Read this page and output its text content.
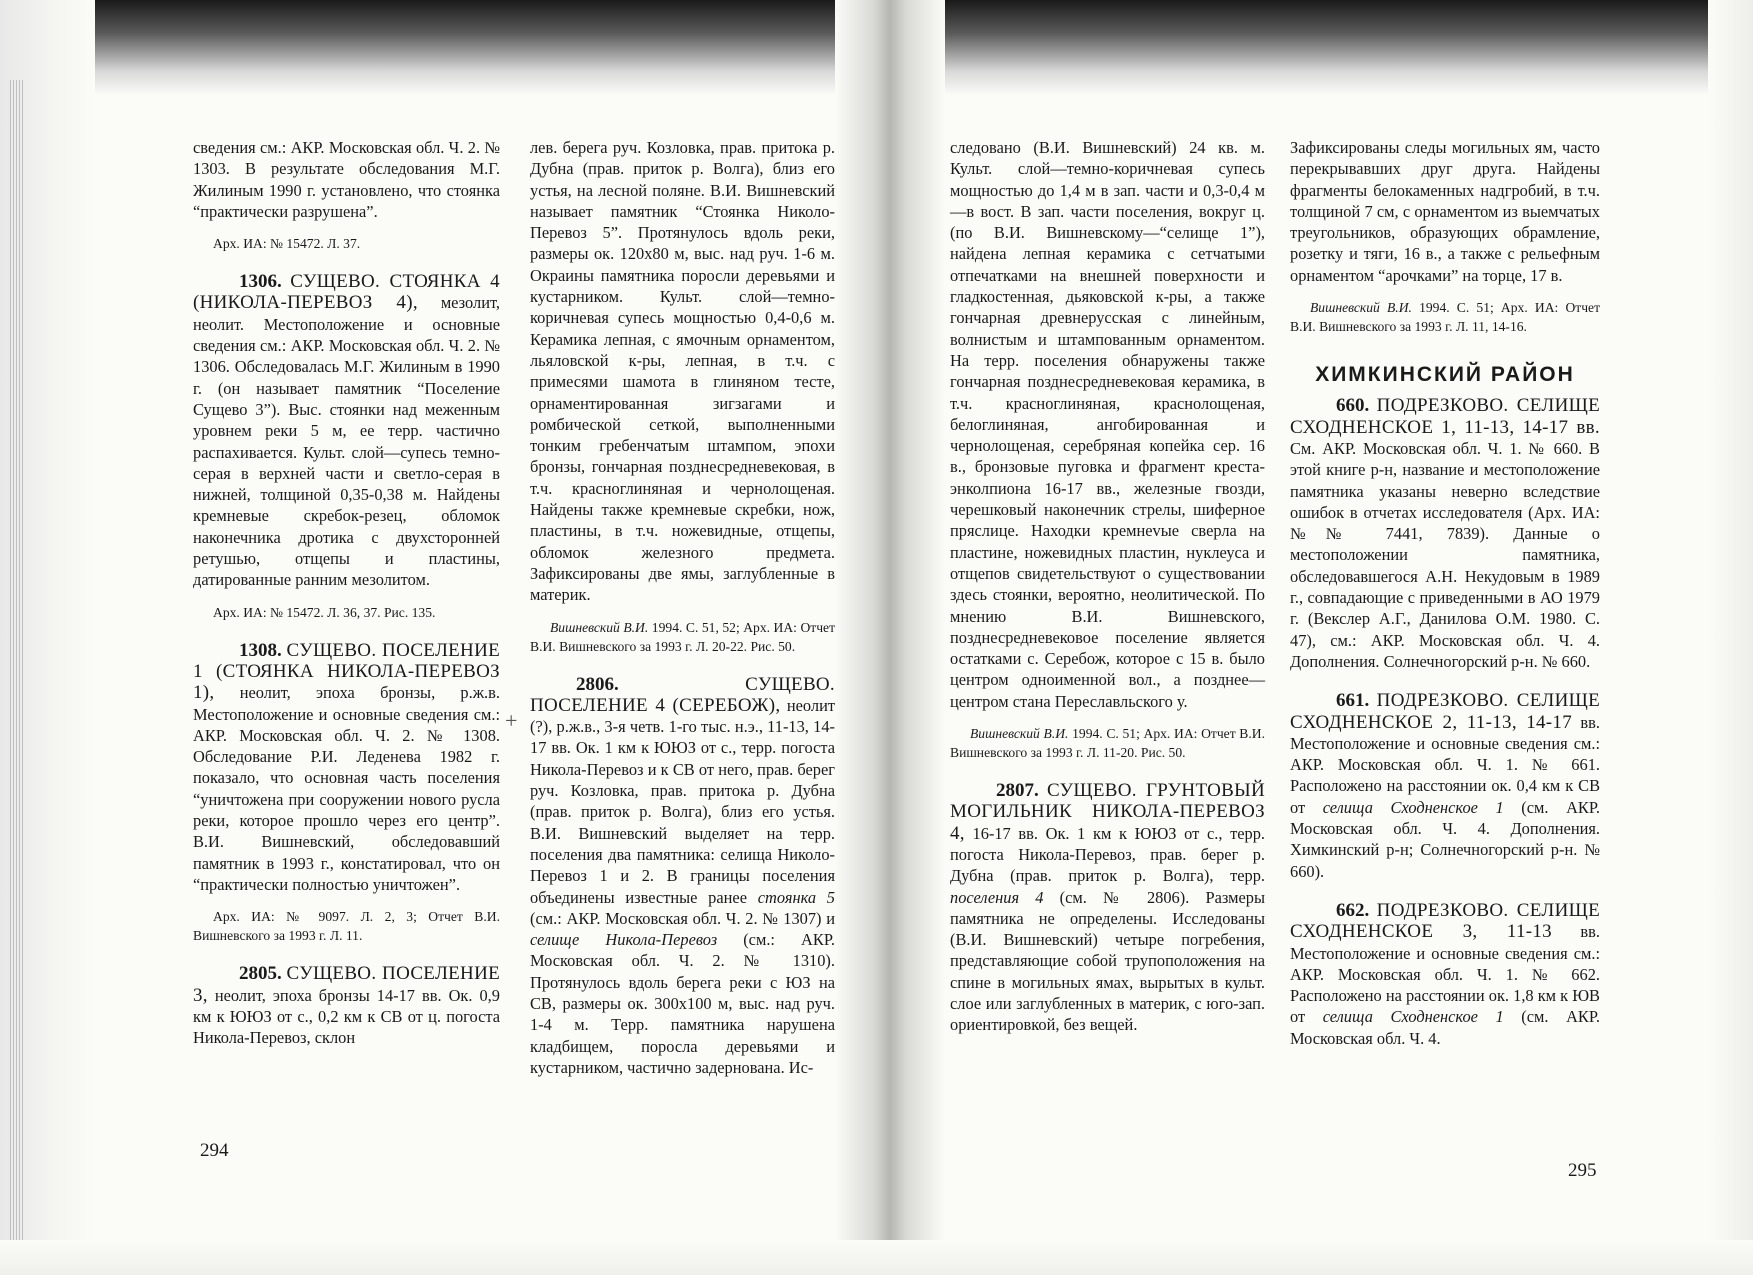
+

сведения см.: АКР. Московская обл. Ч. 2. № 1303. В результате обследования М.Г. Жилиным 1990 г. установлено, что стоянка “практически разрушена”.

Арх. ИА: № 15472. Л. 37.

1306. СУЩЕВО. СТОЯНКА 4 (НИКОЛА-ПЕРЕВОЗ 4), мезолит, неолит. Местоположение и основные сведения см.: АКР. Московская обл. Ч. 2. № 1306. Обследовалась М.Г. Жилиным в 1990 г. (он называет памятник “Поселение Сущево 3”). Выс. стоянки над меженным уровнем реки 5 м, ее терр. частично распахивается. Культ. слой—супесь темно-серая в верхней части и светло-серая в нижней, толщиной 0,35-0,38 м. Найдены кремневые скребок-резец, обломок наконечника дротика с двухсторонней ретушью, отщепы и пластины, датированные ранним мезолитом.

Арх. ИА: № 15472. Л. 36, 37. Рис. 135.

1308. СУЩЕВО. ПОСЕЛЕНИЕ 1 (СТОЯНКА НИКОЛА-ПЕРЕВОЗ 1), неолит, эпоха бронзы, р.ж.в. Местоположение и основные сведения см.: АКР. Московская обл. Ч. 2. № 1308. Обследование Р.И. Леденева 1982 г. показало, что основная часть поселения “уничтожена при сооружении нового русла реки, которое прошло через его центр”. В.И. Вишневский, обследовавший памятник в 1993 г., констатировал, что он “практически полностью уничтожен”.

Арх. ИА: № 9097. Л. 2, 3; Отчет В.И. Вишневского за 1993 г. Л. 11.

2805. СУЩЕВО. ПОСЕЛЕНИЕ 3, неолит, эпоха бронзы 14-17 вв. Ок. 0,9 км к ЮЮЗ от с., 0,2 км к СВ от ц. погоста Никола-Перевоз, склон

лев. берега руч. Козловка, прав. притока р. Дубна (прав. приток р. Волга), близ его устья, на лесной поляне. В.И. Вишневский называет памятник “Стоянка Николо-Перевоз 5”. Протянулось вдоль реки, размеры ок. 120х80 м, выс. над руч. 1-6 м. Окраины памятника поросли деревьями и кустарником. Культ. слой—темно-коричневая супесь мощностью 0,4-0,6 м. Керамика лепная, с ямочным орнаментом, льяловской к-ры, лепная, в т.ч. с примесями шамота в глиняном тесте, орнаментированная зигзагами и ромбической сеткой, выполненными тонким гребенчатым штампом, эпохи бронзы, гончарная позднесредневековая, в т.ч. красноглиняная и чернолощеная. Найдены также кремневые скребки, нож, пластины, в т.ч. ножевидные, отщепы, обломок железного предмета. Зафиксированы две ямы, заглубленные в материк.

Вишневский В.И. 1994. С. 51, 52; Арх. ИА: Отчет В.И. Вишневского за 1993 г. Л. 20-22. Рис. 50.

2806.	СУЩЕВО. ПОСЕЛЕНИЕ 4 (СЕРЕБОЖ), неолит (?), р.ж.в., 3-я четв. 1-го тыс. н.э., 11-13, 14-17 вв. Ок. 1 км к ЮЮЗ от с., терр. погоста Никола-Перевоз и к СВ от него, прав. берег руч. Козловка, прав. притока р. Дубна (прав. приток р. Волга), близ его устья. В.И. Вишневский выделяет на терр. поселения два памятника: селища Николо-Перевоз 1 и 2. В границы поселения объединены известные ранее стоянка 5 (см.: АКР. Московская обл. Ч. 2. № 1307) и селище Никола-Перевоз (см.: АКР. Московская обл. Ч. 2. № 1310). Протянулось вдоль берега реки с ЮЗ на СВ, размеры ок. 300х100 м, выс. над руч. 1-4 м. Терр. памятника нарушена кладбищем, поросла деревьями и кустарником, частично задернована. Ис-

294

следовано (В.И. Вишневский) 24 кв. м. Культ. слой—темно-коричневая супесь мощностью до 1,4 м в зап. части и 0,3-0,4 м—в вост. В зап. части поселения, вокруг ц. (по В.И. Вишневскому—“селище 1”), найдена лепная керамика с сетчатыми отпечатками на внешней поверхности и гладкостенная, дьяковской к-ры, а также гончарная древнерусская с линейным, волнистым и штампованным орнаментом. На терр. поселения обнаружены также гончарная позднесредневековая керамика, в т.ч. красноглиняная, краснолощеная, белоглиняная, ангобированная и чернолощеная, серебряная копейка сер. 16 в., бронзовые пуговка и фрагмент креста-энколпиона 16-17 вв., железные гвозди, черешковый наконечник стрелы, шиферное пряслице. Находки кремнevые сверла на пластине, ножевидных пластин, нуклеуса и отщепов свидетельствуют о существовании здесь стоянки, вероятно, неолитической. По мнению В.И. Вишневского, позднесредневековое поселение является остатками с. Серебож, которое с 15 в. было центром одноименной вол., а позднее—центром стана Переславльского у.

Вишневский В.И. 1994. С. 51; Арх. ИА: Отчет В.И. Вишневского за 1993 г. Л. 11-20. Рис. 50.

2807. СУЩЕВО. ГРУНТОВЫЙ МОГИЛЬНИК НИКОЛА-ПЕРЕВОЗ 4, 16-17 вв. Ок. 1 км к ЮЮЗ от с., терр. погоста Никола-Перевоз, прав. берег р. Дубна (прав. приток р. Волга), терр. поселения 4 (см. № 2806). Размеры памятника не определены. Исследованы (В.И. Вишневский) четыре погребения, представляющие собой трупоположения на спине в могильных ямах, вырытых в культ. слое или заглубленных в материк, с юго-зап. ориентировкой, без вещей.

Зафиксированы следы могильных ям, часто перекрывавших друг друга. Найдены фрагменты белокаменных надгробий, в т.ч. толщиной 7 см, с орнаментом из выемчатых треугольников, образующих обрамление, розетку и тяги, 16 в., а также с рельефным орнаментом “арочками” на торце, 17 в.

Вишневский В.И. 1994. С. 51; Арх. ИА: Отчет В.И. Вишневского за 1993 г. Л. 11, 14-16.

ХИМКИНСКИЙ РАЙОН

660. ПОДРЕЗКОВО. СЕЛИЩЕ СХОДНЕНСКОЕ 1, 11-13, 14-17 вв. См. АКР. Московская обл. Ч. 1. № 660. В этой книге р-н, название и местоположение памятника указаны неверно вследствие ошибок в отчетах исследователя (Арх. ИА: №№ 7441, 7839). Данные о местоположении памятника, обследовавшегося А.Н. Некудовым в 1989 г., совпадающие с приведенными в АО 1979 г. (Векслер А.Г., Данилова О.М. 1980. С. 47), см.: АКР. Московская обл. Ч. 4. Дополнения. Солнечногорский р-н. № 660.

661. ПОДРЕЗКОВО. СЕЛИЩЕ СХОДНЕНСКОЕ 2, 11-13, 14-17 вв. Местоположение и основные сведения см.: АКР. Московская обл. Ч. 1. № 661. Расположено на расстоянии ок. 0,4 км к СВ от селища Сходненское 1 (см. АКР. Московская обл. Ч. 4. Дополнения. Химкинский р-н; Солнечногорский р-н. № 660).

662. ПОДРЕЗКОВО. СЕЛИЩЕ СХОДНЕНСКОЕ 3, 11-13 вв. Местоположение и основные сведения см.: АКР. Московская обл. Ч. 1. № 662. Расположено на расстоянии ок. 1,8 км к ЮВ от селища Сходненское 1 (см. АКР. Московская обл. Ч. 4.

295
